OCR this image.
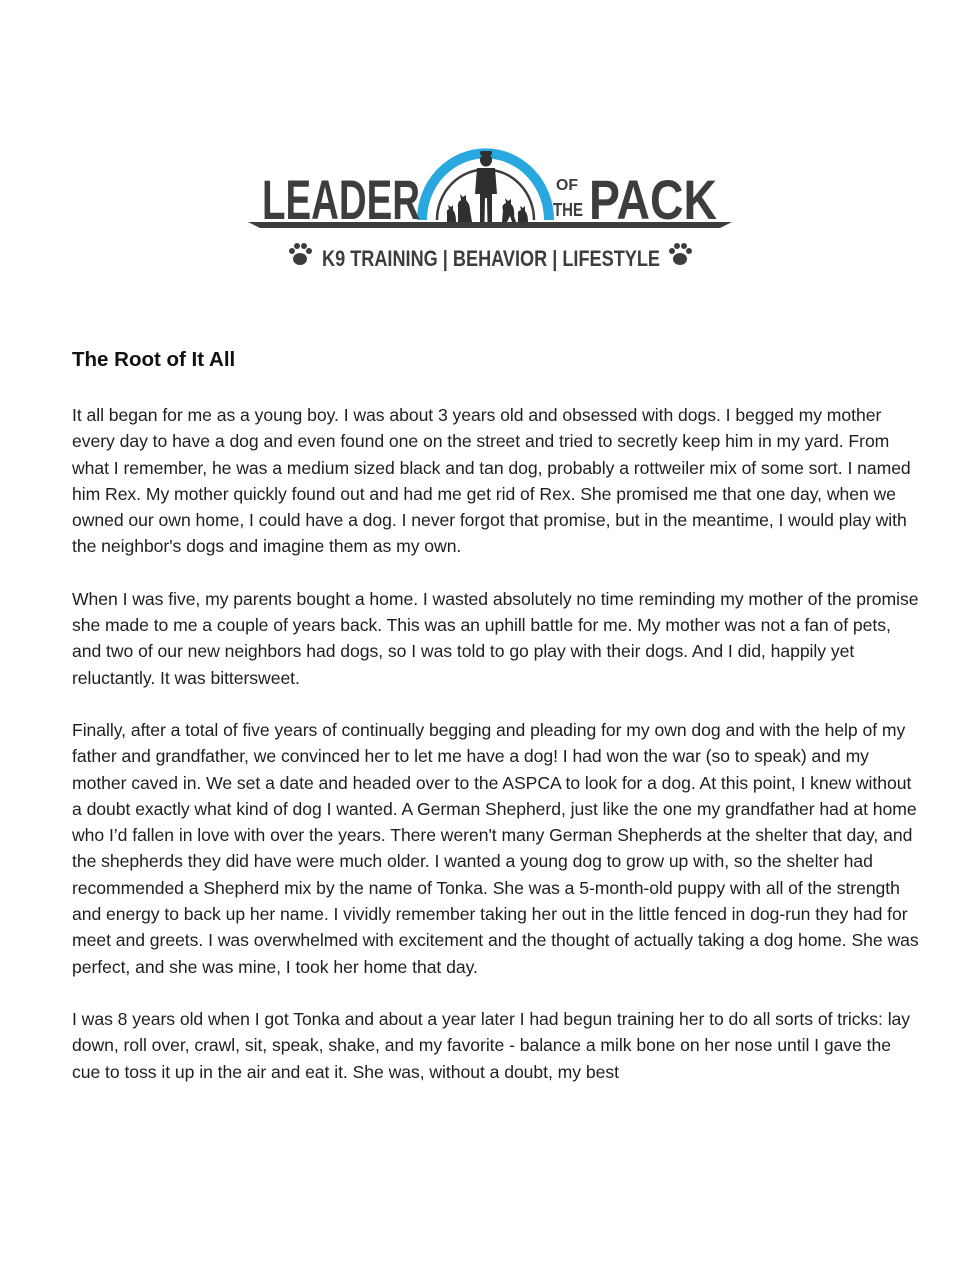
LEADER	OF
THE PACK
K9 TRAINING | BEHAVIOR | LIFESTYLE
The Root of It All

It all began for me as a young boy. I was about 3 years old and obsessed with dogs. I begged my mother every day to have a dog and even found one on the street and tried to secretly keep him in my yard. From what I remember, he was a medium sized black and tan dog, probably a rottweiler mix of some sort. I named him Rex. My mother quickly found out and had me get rid of Rex. She promised me that one day, when we owned our own home, I could have a dog. I never forgot that promise, but in the meantime, I would play with the neighbor's dogs and imagine them as my own.

When I was five, my parents bought a home. I wasted absolutely no time reminding my mother of the promise she made to me a couple of years back. This was an uphill battle for me. My mother was not a fan of pets, and two of our new neighbors had dogs, so I was told to go play with their dogs. And I did, happily yet reluctantly. It was bittersweet.

Finally, after a total of five years of continually begging and pleading for my own dog and with the help of my father and grandfather, we convinced her to let me have a dog! I had won the war (so to speak) and my mother caved in. We set a date and headed over to the ASPCA to look for a dog. At this point, I knew without a doubt exactly what kind of dog I wanted. A German Shepherd, just like the one my grandfather had at home who I’d fallen in love with over the years. There weren't many German Shepherds at the shelter that day, and the shepherds they did have were much older. I wanted a young dog to grow up with, so the shelter had recommended a Shepherd mix by the name of Tonka. She was a 5-month-old puppy with all of the strength and energy to back up her name. I vividly remember taking her out in the little fenced in dog-run they had for meet and greets. I was overwhelmed with excitement and the thought of actually taking a dog home. She was perfect, and she was mine, I took her home that day.

I was 8 years old when I got Tonka and about a year later I had begun training her to do all sorts of tricks: lay down, roll over, crawl, sit, speak, shake, and my favorite - balance a milk bone on her nose until I gave the cue to toss it up in the air and eat it. She was, without a doubt, my best
